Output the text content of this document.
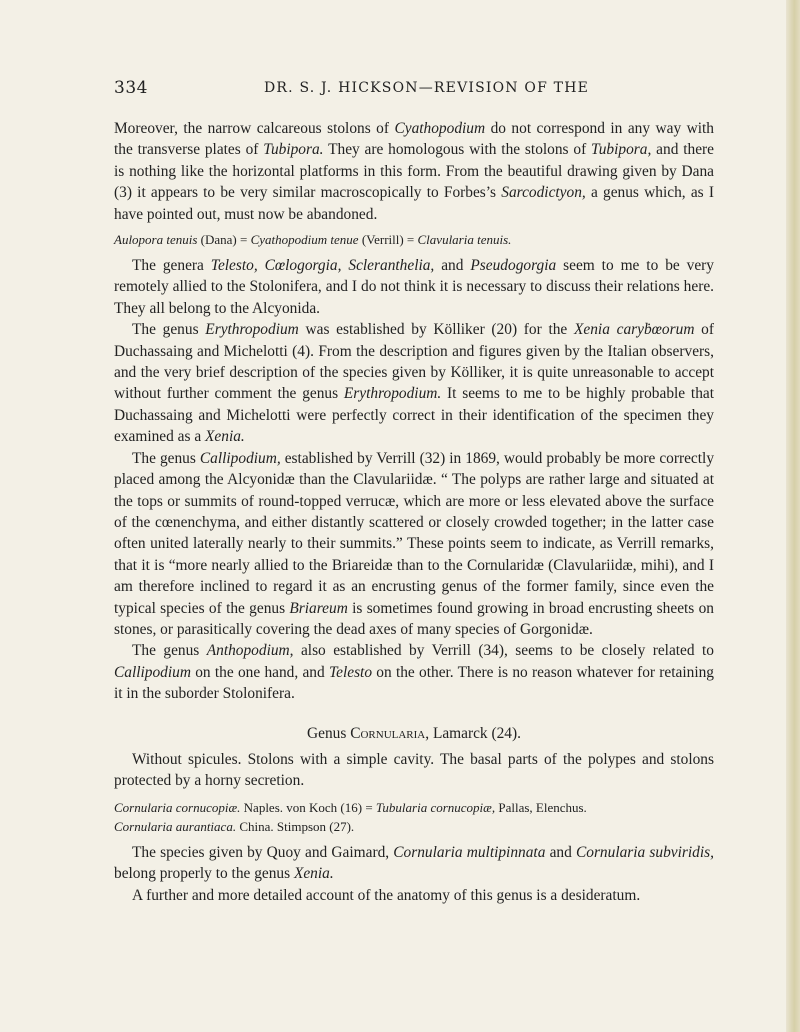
334	DR. S. J. HICKSON—REVISION OF THE

Moreover, the narrow calcareous stolons of Cyathopodium do not correspond in any way with the transverse plates of Tubipora. They are homologous with the stolons of Tubipora, and there is nothing like the horizontal platforms in this form. From the beautiful drawing given by Dana (3) it appears to be very similar macroscopically to Forbes’s Sarcodictyon, a genus which, as I have pointed out, must now be abandoned.

Aulopora tenuis (Dana) = Cyathopodium tenue (Verrill) = Clavularia tenuis.

The genera Telesto, Cœlogorgia, Scleranthelia, and Pseudogorgia seem to me to be very remotely allied to the Stolonifera, and I do not think it is necessary to discuss their relations here. They all belong to the Alcyonida.

The genus Erythropodium was established by Kölliker (20) for the Xenia caryḃœorum of Duchassaing and Michelotti (4). From the description and figures given by the Italian observers, and the very brief description of the species given by Kölliker, it is quite unreasonable to accept without further comment the genus Erythropodium. It seems to me to be highly probable that Duchassaing and Michelotti were perfectly correct in their identification of the specimen they examined as a Xenia.

The genus Callipodium, established by Verrill (32) in 1869, would probably be more correctly placed among the Alcyonidæ than the Clavulariidæ. “ The polyps are rather large and situated at the tops or summits of round-topped verrucæ, which are more or less elevated above the surface of the cœnenchyma, and either distantly scattered or closely crowded together; in the latter case often united laterally nearly to their summits.” These points seem to indicate, as Verrill remarks, that it is “more nearly allied to the Briareidæ than to the Cornularidæ (Clavulariidæ, mihi), and I am therefore inclined to regard it as an encrusting genus of the former family, since even the typical species of the genus Briareum is sometimes found growing in broad encrusting sheets on stones, or parasitically covering the dead axes of many species of Gorgonidæ.

The genus Anthopodium, also established by Verrill (34), seems to be closely related to Callipodium on the one hand, and Telesto on the other. There is no reason whatever for retaining it in the suborder Stolonifera.

Genus Cornularia, Lamarck (24).

Without spicules. Stolons with a simple cavity. The basal parts of the polypes and stolons protected by a horny secretion.

Cornularia cornucopiæ. Naples. von Koch (16) = Tubularia cornucopiæ, Pallas, Elenchus.

Cornularia aurantiaca. China. Stimpson (27).

The species given by Quoy and Gaimard, Cornularia multipinnata and Cornularia subviridis, belong properly to the genus Xenia.

A further and more detailed account of the anatomy of this genus is a desideratum.
